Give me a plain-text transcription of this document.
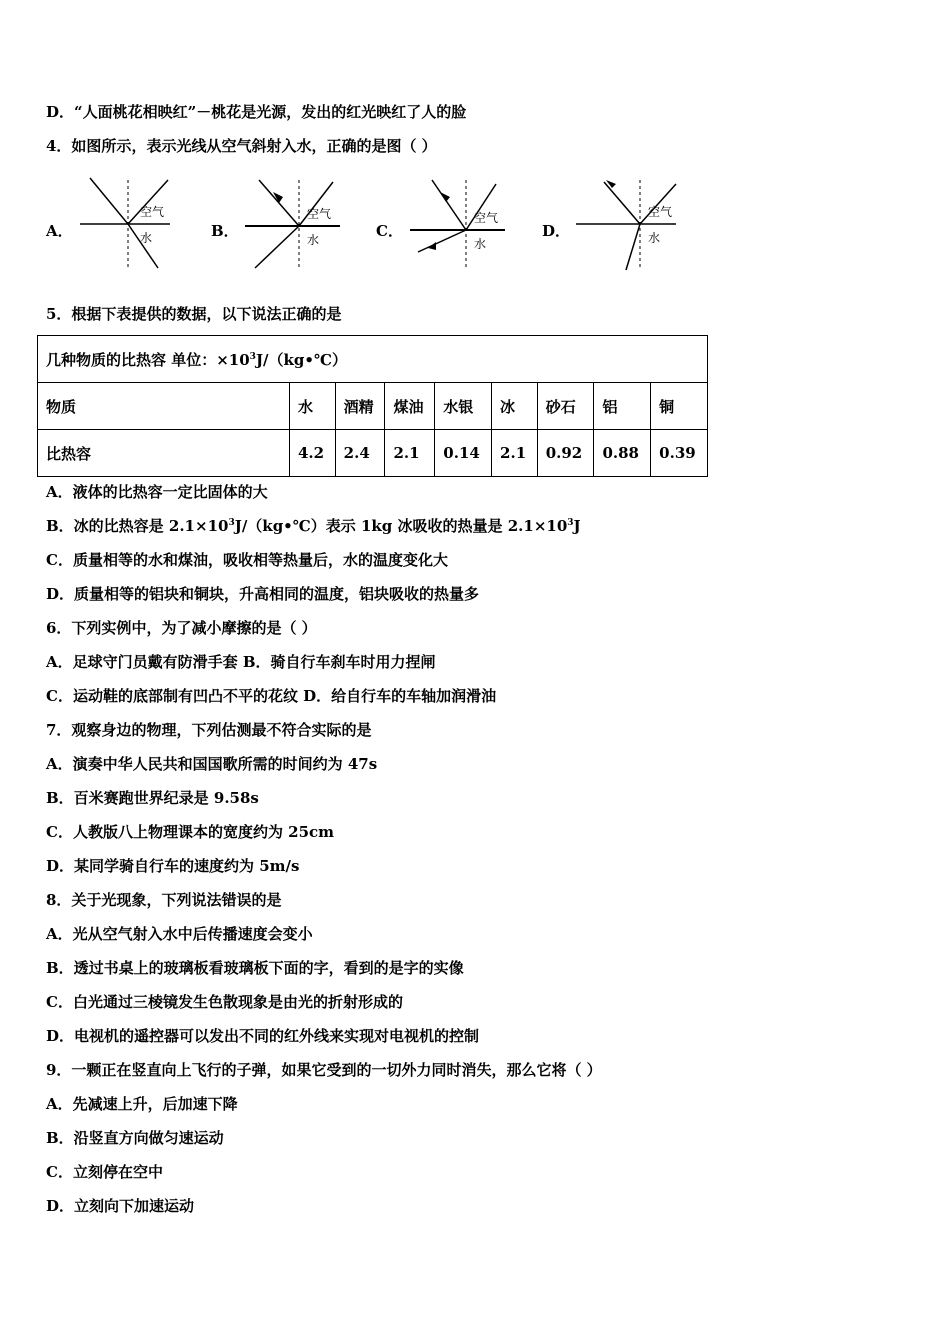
D．“人面桃花相映红”－桃花是光源，发出的红光映红了人的脸
4．如图所示，表示光线从空气斜射入水，正确的是图（ ）
A．
空气
水	B．
空气
水	C．
空气
水
D．
空气
水
5．根据下表提供的数据，以下说法正确的是
几种物质的比热容 单位：$\times 10^3J/(kg•℃)$								
物质	水	酒精	煤油	水银	冰	砂石	铝	铜
比热容	4.2	2.4	2.1	0.14	2.1	0.92	0.88	0.39
A．液体的比热容一定比固体的大
B．冰的比热容是 $2.1\times 10^3J/(kg•℃)$表示 1kg 冰吸收的热量是 $2.1\times 10^3J$
C．质量相等的水和煤油，吸收相等热量后，水的温度变化大
D．质量相等的铝块和铜块，升高相同的温度，铝块吸收的热量多
6．下列实例中，为了减小摩擦的是（ ）
A．足球守门员戴有防滑手套 B．骑自行车刹车时用力捏闸
C．运动鞋的底部制有凹凸不平的花纹 D．给自行车的车轴加润滑油
7．观察身边的物理，下列估测最不符合实际的是
A．演奏中华人民共和国国歌所需的时间约为 47s
B．百米赛跑世界纪录是 9.58s
C．人教版八上物理课本的宽度约为 25cm
D．某同学骑自行车的速度约为 5m/s
8．关于光现象，下列说法错误的是
A．光从空气射入水中后传播速度会变小
B．透过书桌上的玻璃板看玻璃板下面的字，看到的是字的实像
C．白光通过三棱镜发生色散现象是由光的折射形成的
D．电视机的遥控器可以发出不同的红外线来实现对电视机的控制
9．一颗正在竖直向上飞行的子弹，如果它受到的一切外力同时消失，那么它将（ ）
A．先减速上升，后加速下降
B．沿竖直方向做匀速运动
C．立刻停在空中
D．立刻向下加速运动
